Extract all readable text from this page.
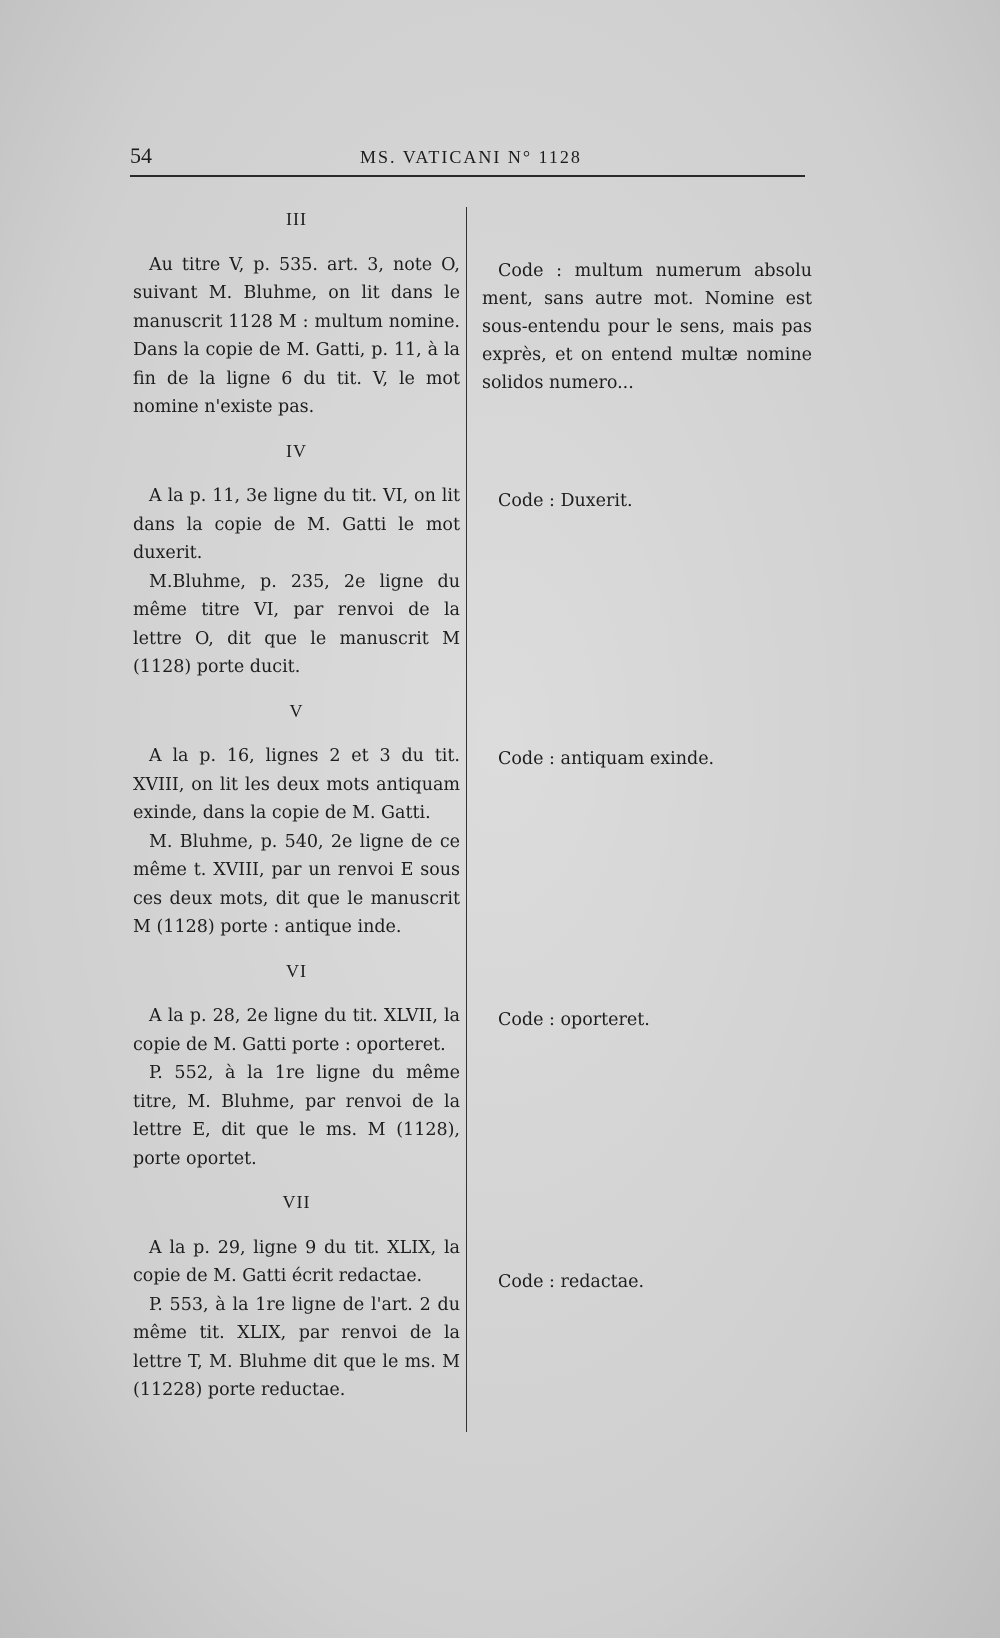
54	MS. VATICANI N° 1128
III

Au titre V, p. 535. art. 3, note O, suivant M. Bluhme, on lit dans le manuscrit 1128 M : multum nomine. Dans la copie de M. Gatti, p. 11, à la fin de la ligne 6 du tit. V, le mot nomine n'existe pas.

IV

A la p. 11, 3e ligne du tit. VI, on lit dans la copie de M. Gatti le mot duxerit.

M.Bluhme, p. 235, 2e ligne du même titre VI, par renvoi de la lettre O, dit que le manuscrit M (1128) porte ducit.

V

A la p. 16, lignes 2 et 3 du tit. XVIII, on lit les deux mots antiquam exinde, dans la copie de M. Gatti.

M. Bluhme, p. 540, 2e ligne de ce même t. XVIII, par un renvoi E sous ces deux mots, dit que le manuscrit M (1128) porte : antique inde.

VI

A la p. 28, 2e ligne du tit. XLVII, la copie de M. Gatti porte : oporteret.

P. 552, à la 1re ligne du même titre, M. Bluhme, par renvoi de la lettre E, dit que le ms. M (1128), porte oportet.

VII

A la p. 29, ligne 9 du tit. XLIX, la copie de M. Gatti écrit redactae.

P. 553, à la 1re ligne de l'art. 2 du même tit. XLIX, par renvoi de la lettre T, M. Bluhme dit que le ms. M (11228) porte reductae.

Code : multum numerum absolu ment, sans autre mot. Nomine est sous-entendu pour le sens, mais pas exprès, et on entend multæ nomine solidos numero...

Code : Duxerit.

Code : antiquam exinde.

Code : oporteret.

Code : redactae.
